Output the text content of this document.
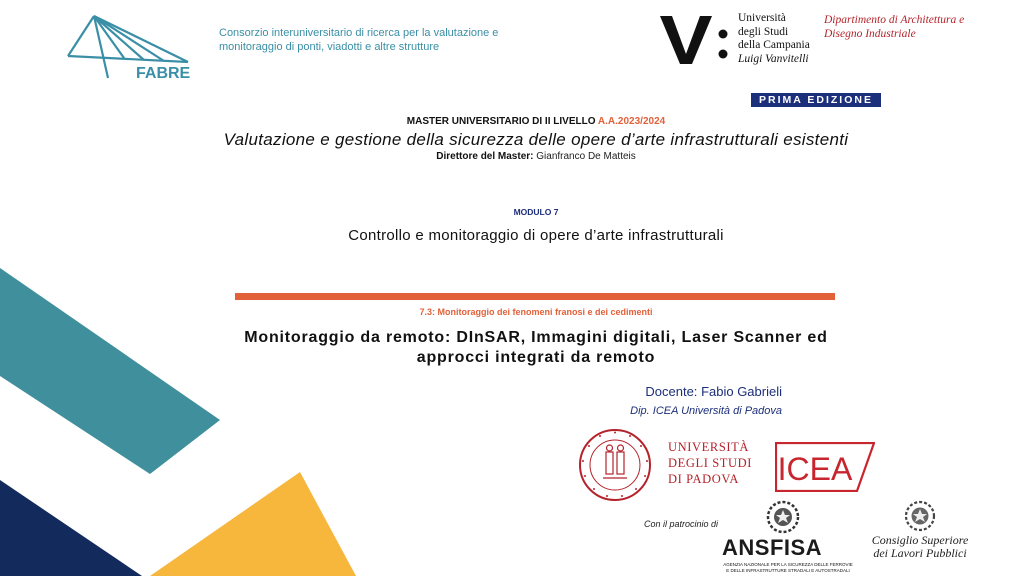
FABRE
Consorzio interuniversitario di ricerca per la valutazione e monitoraggio di ponti, viadotti e altre strutture
Università
degli Studi
della Campania
Luigi Vanvitelli
Dipartimento di Architettura e Disegno Industriale
PRIMA EDIZIONE
MASTER UNIVERSITARIO DI II LIVELLO A.A.2023/2024
Valutazione e gestione della sicurezza delle opere d’arte infrastrutturali esistenti
Direttore del Master: Gianfranco De Matteis
MODULO 7
Controllo e monitoraggio di opere d’arte infrastrutturali
7.3: Monitoraggio dei fenomeni franosi e dei cedimenti
Monitoraggio da remoto: DInSAR, Immagini digitali, Laser Scanner ed
approcci integrati da remoto
Docente: Fabio Gabrieli
Dip. ICEA Università di Padova
UNIVERSITÀ
DEGLI STUDI
DI PADOVA	ICEA
Con il patrocinio di
ANSFISA
AGENZIA NAZIONALE PER LA SICUREZZA DELLE FERROVIE
E DELLE INFRASTRUTTURE STRADALI E AUTOSTRADALI
Consiglio Superiore
dei Lavori Pubblici
